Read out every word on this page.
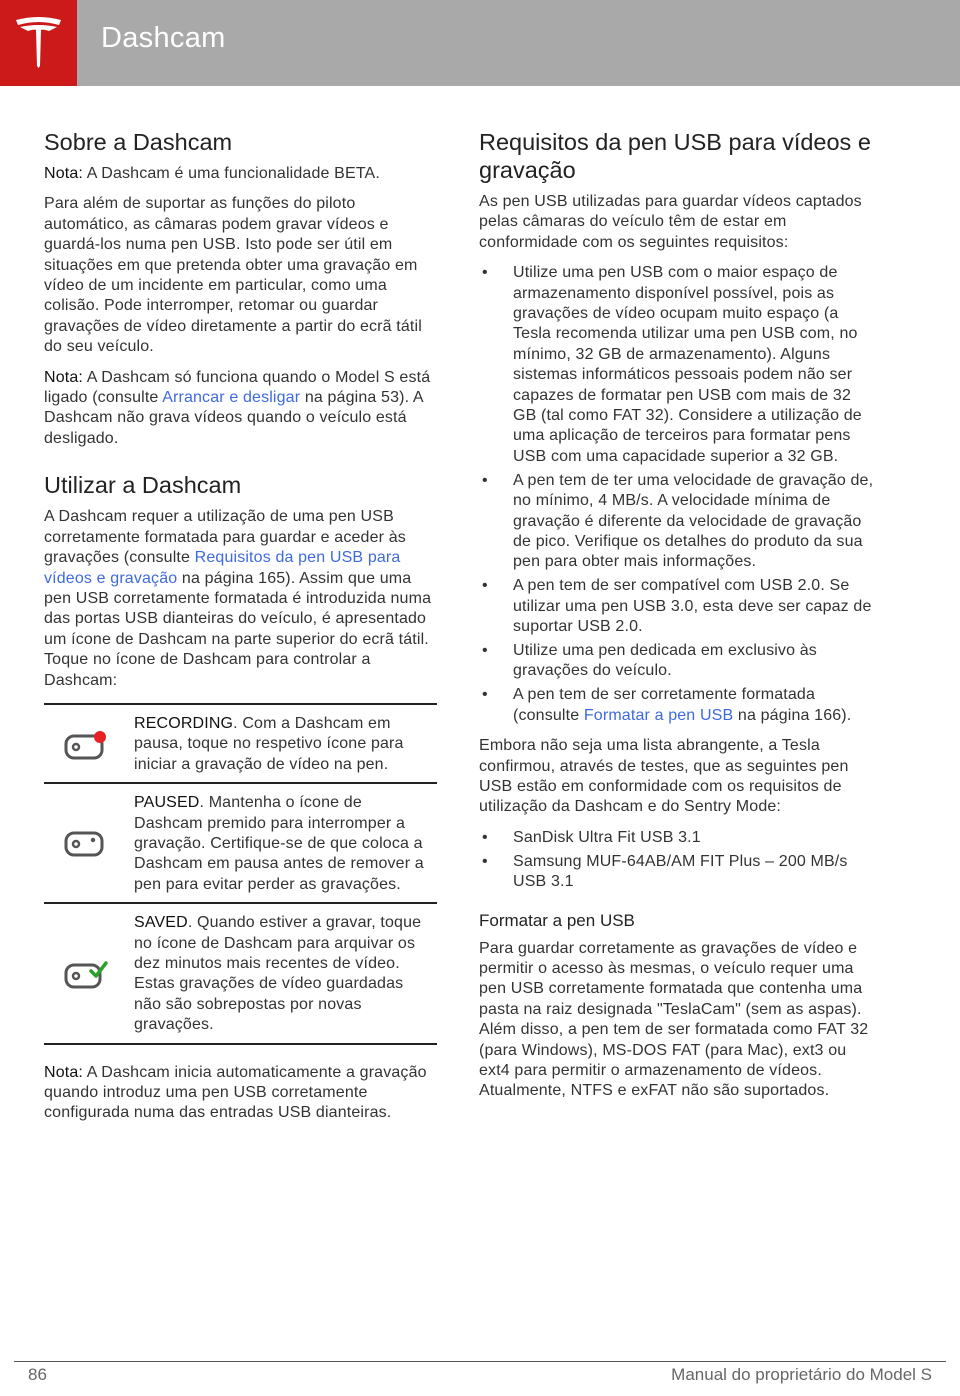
Dashcam
Sobre a Dashcam

Nota: A Dashcam é uma funcionalidade BETA.

Para além de suportar as funções do piloto automático, as câmaras podem gravar vídeos e guardá-los numa pen USB. Isto pode ser útil em situações em que pretenda obter uma gravação em vídeo de um incidente em particular, como uma colisão. Pode interromper, retomar ou guardar gravações de vídeo diretamente a partir do ecrã tátil do seu veículo.

Nota: A Dashcam só funciona quando o Model S está ligado (consulte Arrancar e desligar na página 53). A Dashcam não grava vídeos quando o veículo está desligado.

Utilizar a Dashcam

A Dashcam requer a utilização de uma pen USB corretamente formatada para guardar e aceder às gravações (consulte Requisitos da pen USB para vídeos e gravação na página 165). Assim que uma pen USB corretamente formatada é introduzida numa das portas USB dianteiras do veículo, é apresentado um ícone de Dashcam na parte superior do ecrã tátil. Toque no ícone de Dashcam para controlar a Dashcam:

RECORDING. Com a Dashcam em pausa, toque no respetivo ícone para iniciar a gravação de vídeo na pen.
PAUSED. Mantenha o ícone de Dashcam premido para interromper a gravação. Certifique-se de que coloca a Dashcam em pausa antes de remover a pen para evitar perder as gravações.
SAVED. Quando estiver a gravar, toque no ícone de Dashcam para arquivar os dez minutos mais recentes de vídeo. Estas gravações de vídeo guardadas não são sobrepostas por novas gravações.

Nota: A Dashcam inicia automaticamente a gravação quando introduz uma pen USB corretamente configurada numa das entradas USB dianteiras.

Requisitos da pen USB para vídeos e gravação

As pen USB utilizadas para guardar vídeos captados pelas câmaras do veículo têm de estar em conformidade com os seguintes requisitos:

• Utilize uma pen USB com o maior espaço de armazenamento disponível possível, pois as gravações de vídeo ocupam muito espaço (a Tesla recomenda utilizar uma pen USB com, no mínimo, 32 GB de armazenamento). Alguns sistemas informáticos pessoais podem não ser capazes de formatar pen USB com mais de 32 GB (tal como FAT 32). Considere a utilização de uma aplicação de terceiros para formatar pens USB com uma capacidade superior a 32 GB.
• A pen tem de ter uma velocidade de gravação de, no mínimo, 4 MB/s. A velocidade mínima de gravação é diferente da velocidade de gravação de pico. Verifique os detalhes do produto da sua pen para obter mais informações.
• A pen tem de ser compatível com USB 2.0. Se utilizar uma pen USB 3.0, esta deve ser capaz de suportar USB 2.0.
• Utilize uma pen dedicada em exclusivo às gravações do veículo.
• A pen tem de ser corretamente formatada (consulte Formatar a pen USB na página 166).

Embora não seja uma lista abrangente, a Tesla confirmou, através de testes, que as seguintes pen USB estão em conformidade com os requisitos de utilização da Dashcam e do Sentry Mode:

• SanDisk Ultra Fit USB 3.1
• Samsung MUF-64AB/AM FIT Plus – 200 MB/s USB 3.1
Formatar a pen USB

Para guardar corretamente as gravações de vídeo e permitir o acesso às mesmas, o veículo requer uma pen USB corretamente formatada que contenha uma pasta na raiz designada "TeslaCam" (sem as aspas). Além disso, a pen tem de ser formatada como FAT 32 (para Windows), MS-DOS FAT (para Mac), ext3 ou ext4 para permitir o armazenamento de vídeos. Atualmente, NTFS e exFAT não são suportados.

86	Manual do proprietário do Model S
